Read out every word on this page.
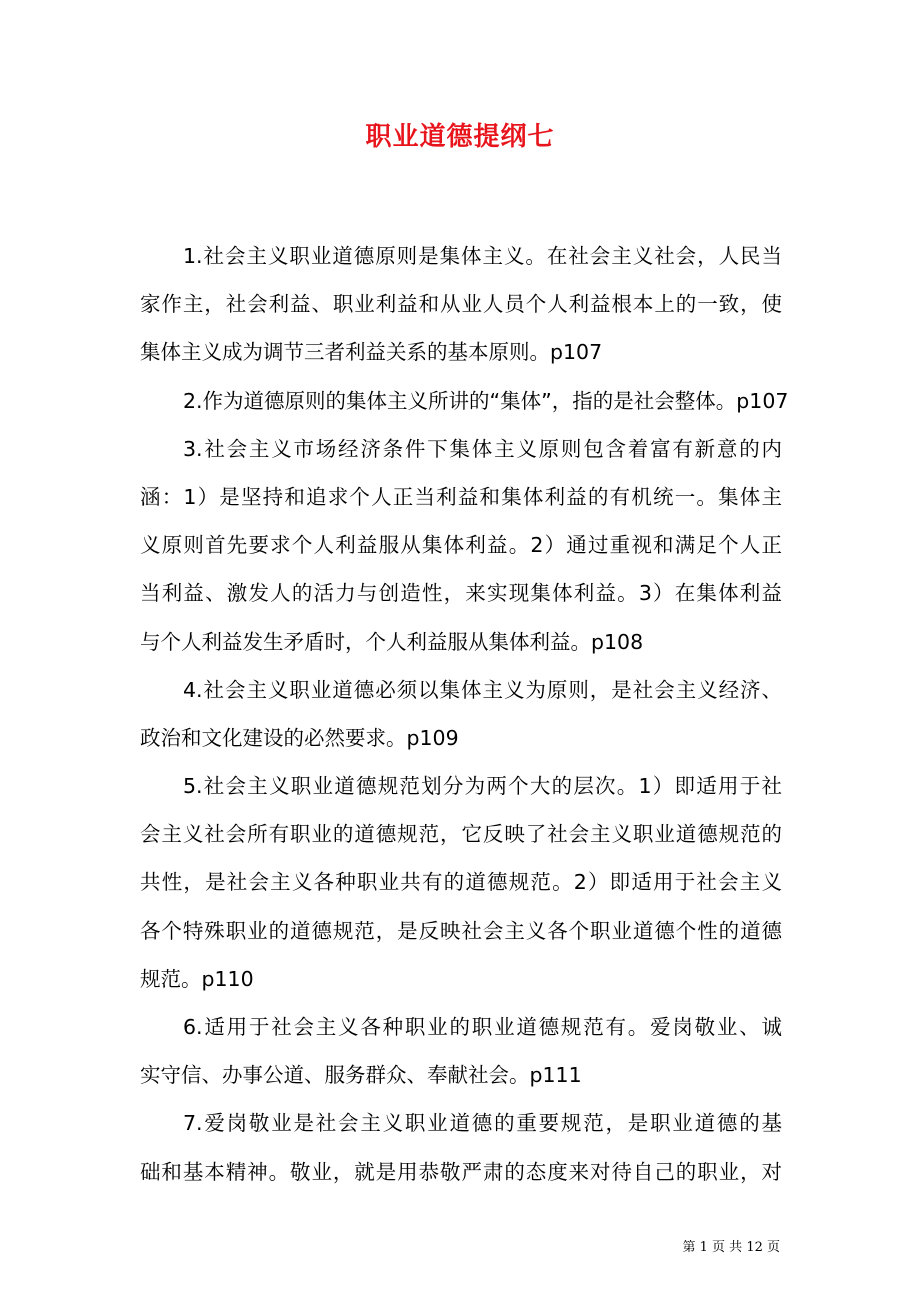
职业道德提纲七
1.社会主义职业道德原则是集体主义。在社会主义社会，人民当
家作主，社会利益、职业利益和从业人员个人利益根本上的一致，使
集体主义成为调节三者利益关系的基本原则。p107
2.作为道德原则的集体主义所讲的“集体”，指的是社会整体。p107
3.社会主义市场经济条件下集体主义原则包含着富有新意的内
涵：1）是坚持和追求个人正当利益和集体利益的有机统一。集体主
义原则首先要求个人利益服从集体利益。2）通过重视和满足个人正
当利益、激发人的活力与创造性，来实现集体利益。3）在集体利益
与个人利益发生矛盾时，个人利益服从集体利益。p108
4.社会主义职业道德必须以集体主义为原则，是社会主义经济、
政治和文化建设的必然要求。p109
5.社会主义职业道德规范划分为两个大的层次。1）即适用于社
会主义社会所有职业的道德规范，它反映了社会主义职业道德规范的
共性，是社会主义各种职业共有的道德规范。2）即适用于社会主义
各个特殊职业的道德规范，是反映社会主义各个职业道德个性的道德
规范。p110
6.适用于社会主义各种职业的职业道德规范有。爱岗敬业、诚
实守信、办事公道、服务群众、奉献社会。p111
7.爱岗敬业是社会主义职业道德的重要规范，是职业道德的基
础和基本精神。敬业，就是用恭敬严肃的态度来对待自己的职业，对
第 1 页 共 12 页
